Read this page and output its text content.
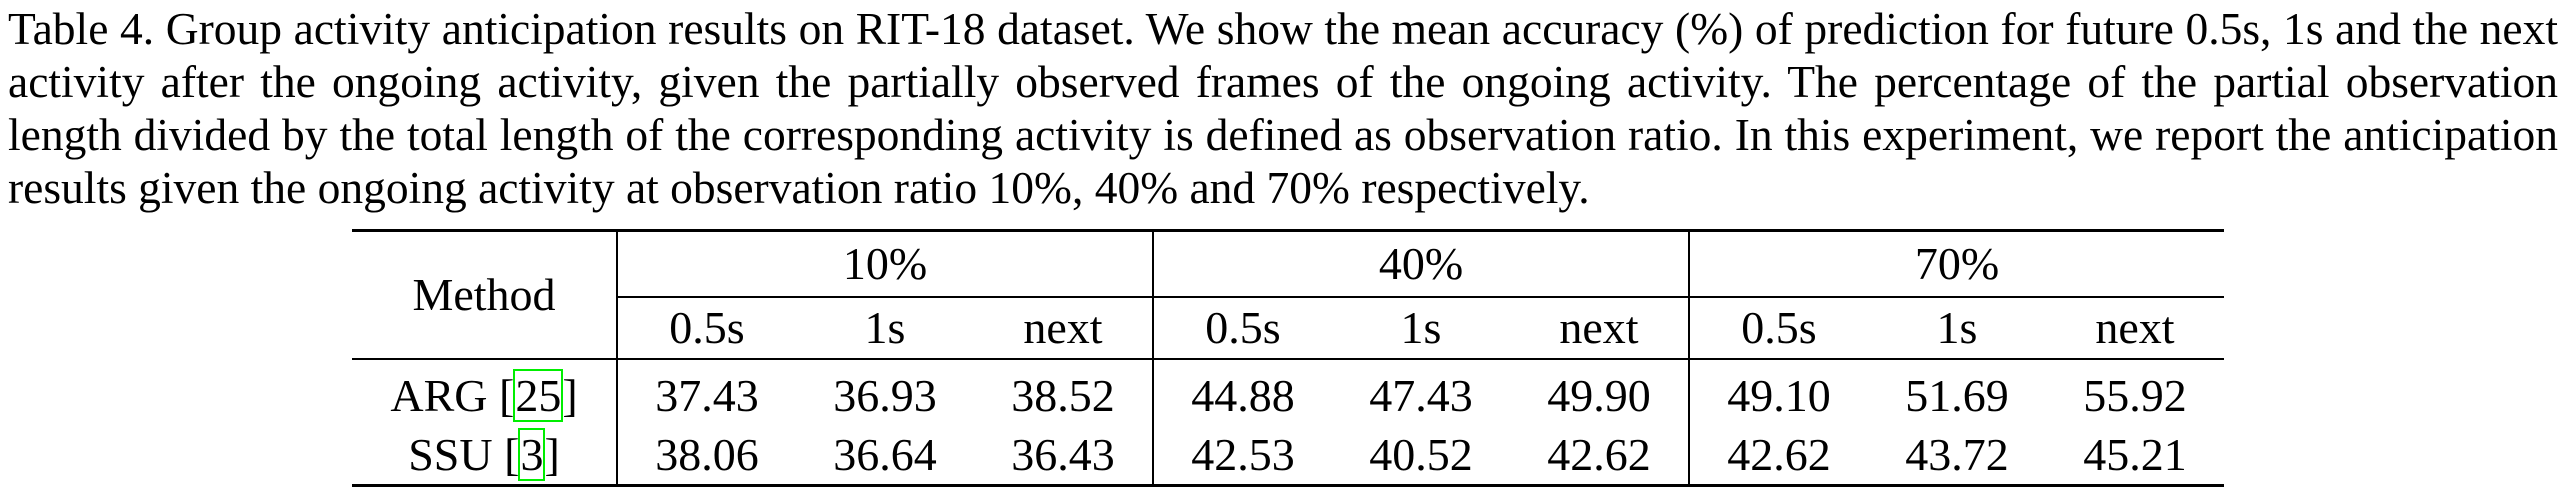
Table 4. Group activity anticipation results on RIT-18 dataset. We show the mean accuracy (%) of prediction for future 0.5s, 1s and the next activity after the ongoing activity, given the partially observed frames of the ongoing activity. The percentage of the partial observation length divided by the total length of the corresponding activity is defined as observation ratio. In this experiment, we report the anticipation results given the ongoing activity at observation ratio 10%, 40% and 70% respectively.

Method	10%			40%			70%		
	0.5s	1s	next	0.5s	1s	next	0.5s	1s	next
ARG [25]	37.43	36.93	38.52	44.88	47.43	49.90	49.10	51.69	55.92
SSU [3]	38.06	36.64	36.43	42.53	40.52	42.62	42.62	43.72	45.21
